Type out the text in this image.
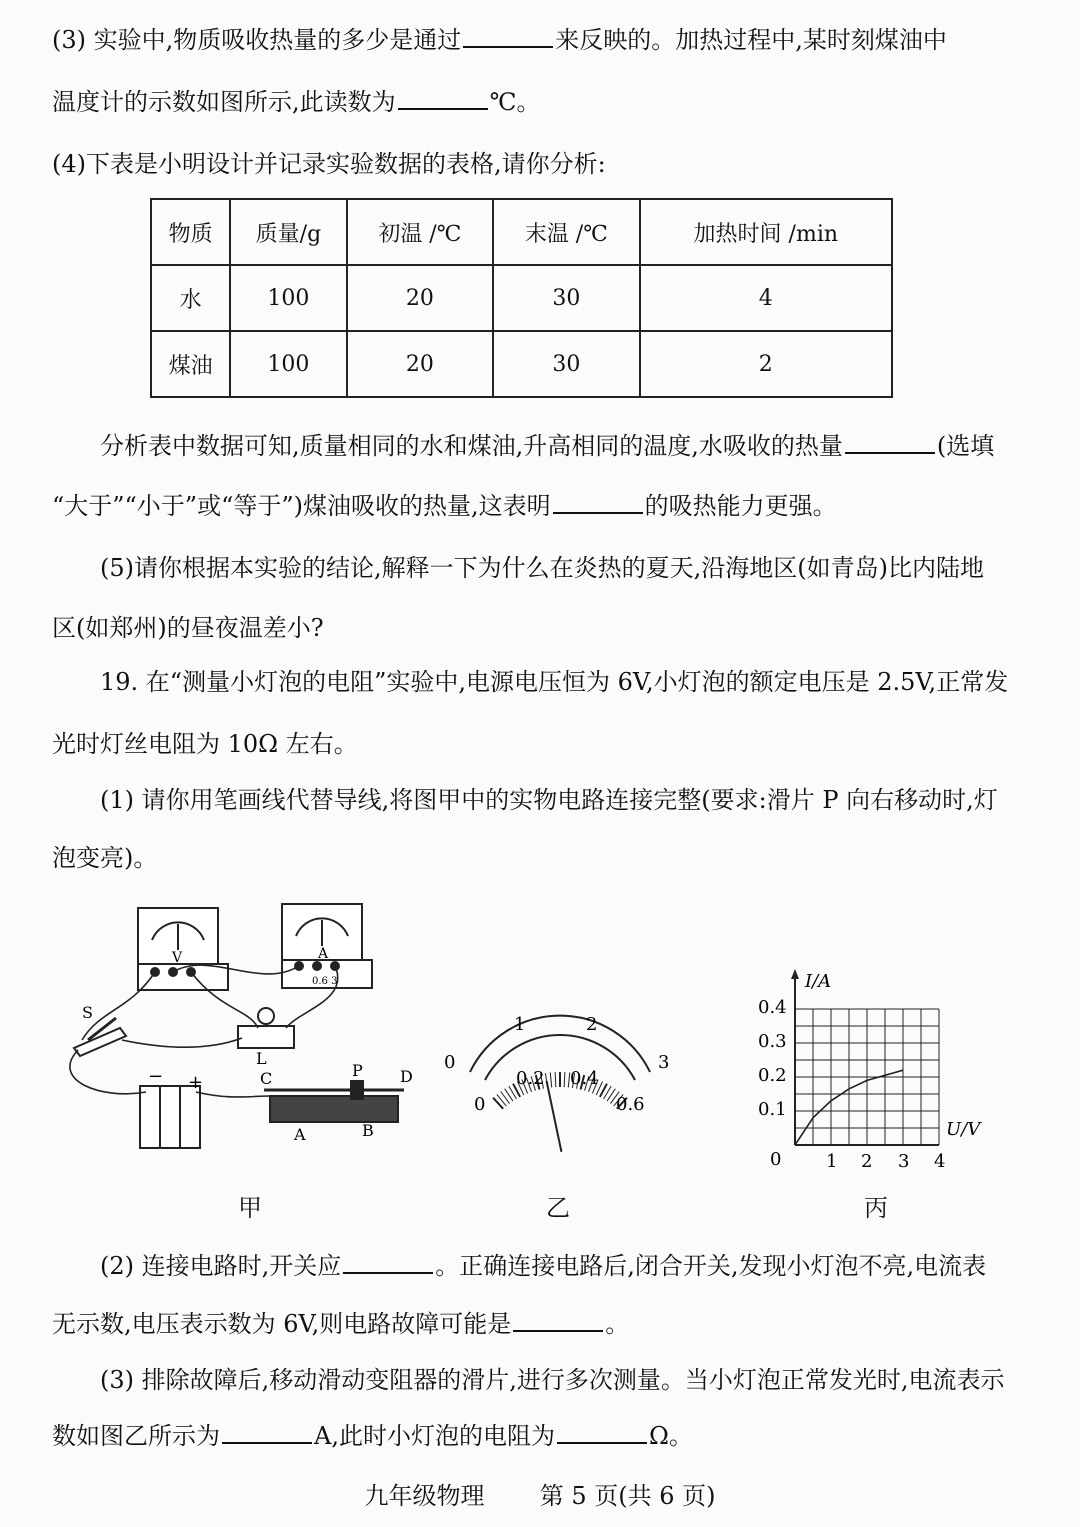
(3) 实验中,物质吸收热量的多少是通过	来反映的。加热过程中,某时刻煤油中
温度计的示数如图所示,此读数为	℃。
(4)下表是小明设计并记录实验数据的表格,请你分析:
物质	质量/g	初温 /℃	末温 /℃	加热时间 /min
水	100	20	30	4
煤油	100	20	30	2
分析表中数据可知,质量相同的水和煤油,升高相同的温度,水吸收的热量	(选填
“大于”“小于”或“等于”)煤油吸收的热量,这表明	的吸热能力更强。
(5)请你根据本实验的结论,解释一下为什么在炎热的夏天,沿海地区(如青岛)比内陆地
区(如郑州)的昼夜温差小?
19. 在“测量小灯泡的电阻”实验中,电源电压恒为 6V,小灯泡的额定电压是 2.5V,正常发
光时灯丝电阻为 10Ω 左右。
(1) 请你用笔画线代替导线,将图甲中的实物电路连接完整(要求:滑片 P 向右移动时,灯
泡变亮)。
V	A
0.6 3
S
L
− +	C	P D
A	B
甲
0
1	2
3
0
0.2 0.4
0.6
乙
I/A
U/V
0 1 2 3 4
0.1
0.2
0.3
0.4
丙
(2) 连接电路时,开关应	。正确连接电路后,闭合开关,发现小灯泡不亮,电流表
无示数,电压表示数为 6V,则电路故障可能是	。
(3) 排除故障后,移动滑动变阻器的滑片,进行多次测量。当小灯泡正常发光时,电流表示
数如图乙所示为	A,此时小灯泡的电阻为	Ω。
九年级物理 第 5 页(共 6 页)
